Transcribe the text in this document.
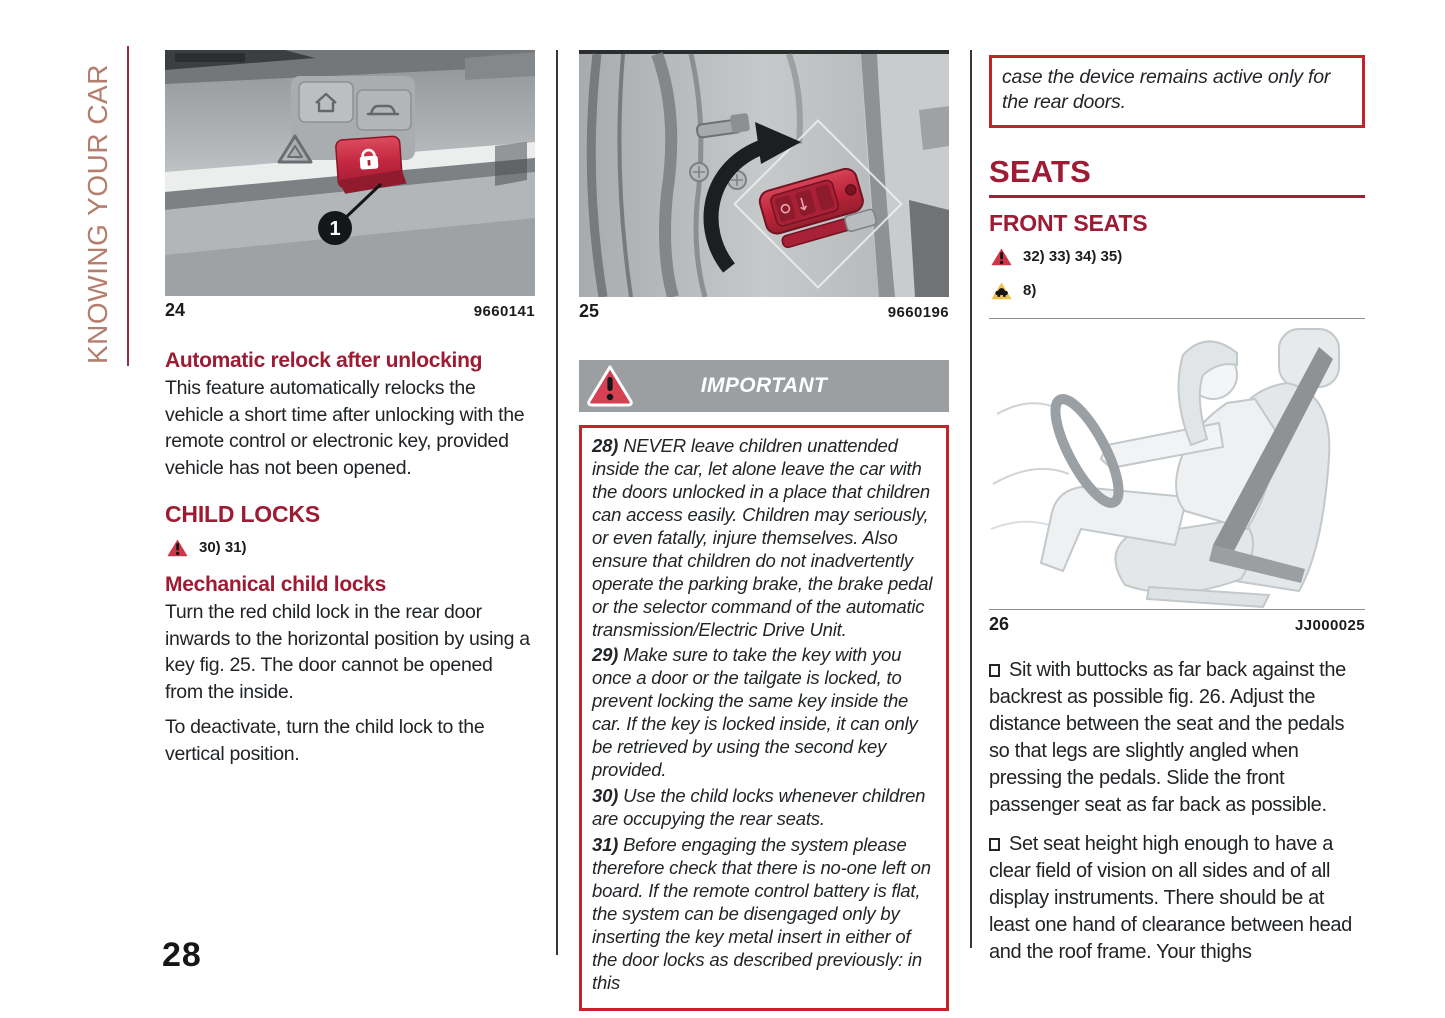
KNOWING YOUR CAR
28
1
24	9660141
Automatic relock after unlocking

This feature automatically relocks the vehicle a short time after unlocking with the remote control or electronic key, provided vehicle has not been opened.

CHILD LOCKS
30) 31)
Mechanical child locks

Turn the red child lock in the rear door inwards to the horizontal position by using a key fig. 25. The door cannot be opened from the inside.

To deactivate, turn the child lock to the vertical position.

25	9660196
IMPORTANT

28) NEVER leave children unattended inside the car, let alone leave the car with the doors unlocked in a place that children can access easily. Children may seriously, or even fatally, injure themselves. Also ensure that children do not inadvertently operate the parking brake, the brake pedal or the selector command of the automatic transmission/Electric Drive Unit.

29) Make sure to take the key with you once a door or the tailgate is locked, to prevent locking the same key inside the car. If the key is locked inside, it can only be retrieved by using the second key provided.

30) Use the child locks whenever children are occupying the rear seats.

31) Before engaging the system please therefore check that there is no-one left on board. If the remote control battery is flat, the system can be disengaged only by inserting the key metal insert in either of the door locks as described previously: in this

case the device remains active only for the rear doors.
SEATS
FRONT SEATS
32) 33) 34) 35)
8)
26	JJ000025

Sit with buttocks as far back against the backrest as possible fig. 26. Adjust the distance between the seat and the pedals so that legs are slightly angled when pressing the pedals. Slide the front passenger seat as far back as possible.

Set seat height high enough to have a clear field of vision on all sides and of all display instruments. There should be at least one hand of clearance between head and the roof frame. Your thighs
